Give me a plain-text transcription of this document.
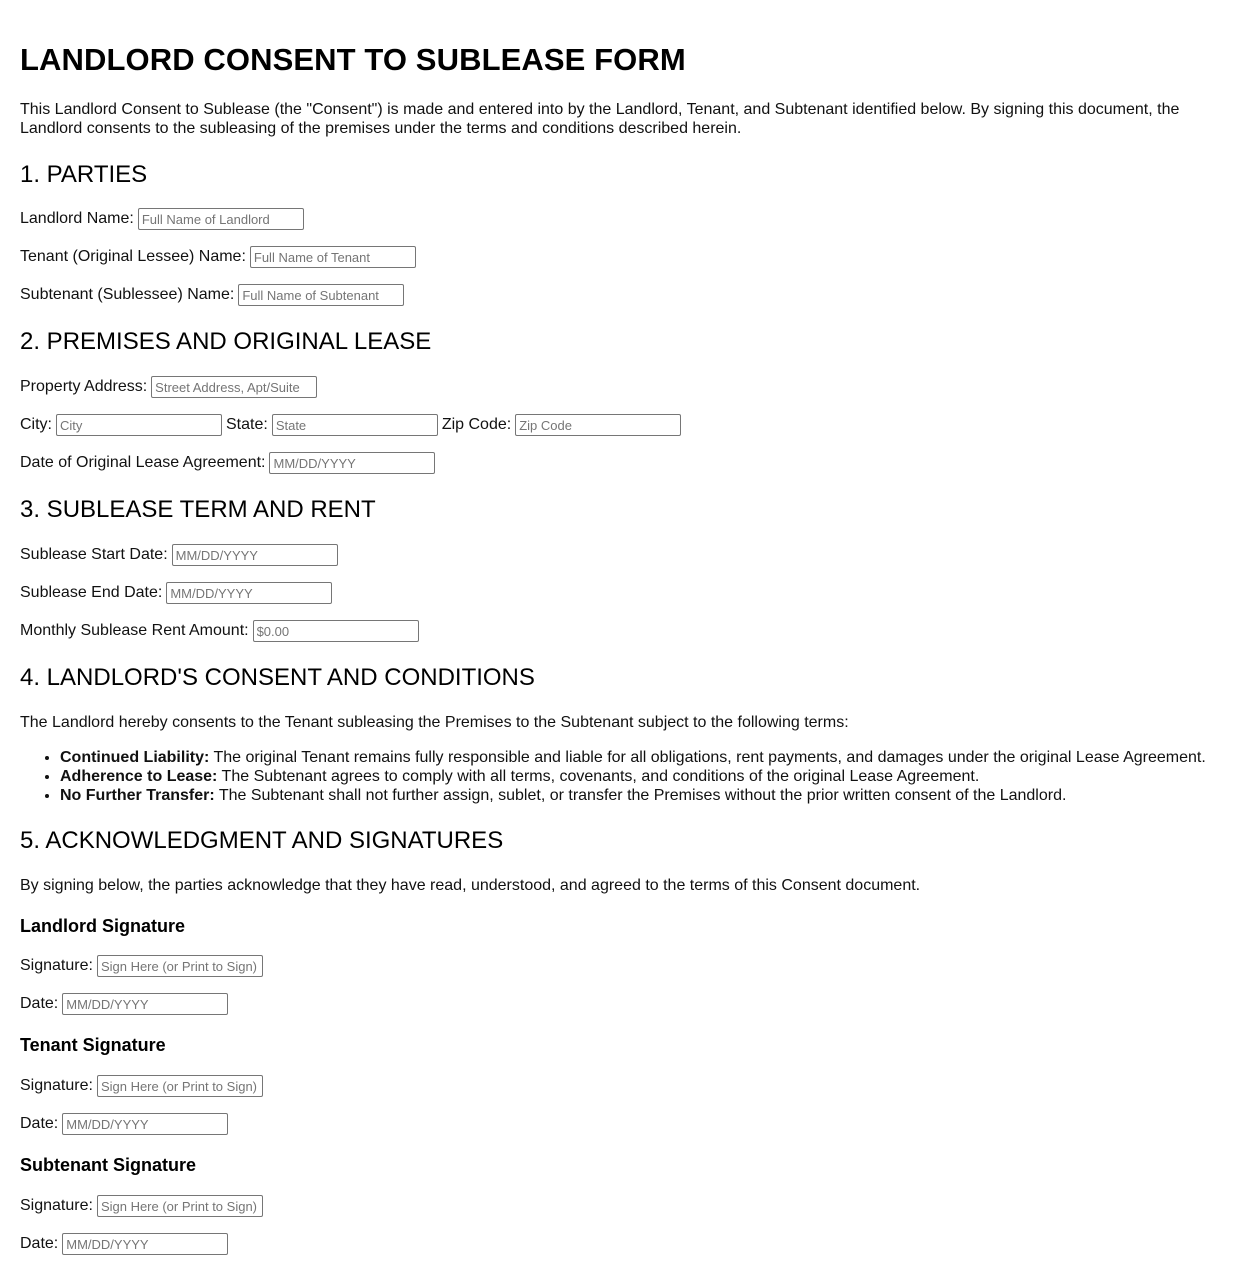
LANDLORD CONSENT TO SUBLEASE FORM

This Landlord Consent to Sublease (the "Consent") is made and entered into by the Landlord, Tenant, and Subtenant identified below. By signing this document, the Landlord consents to the subleasing of the premises under the terms and conditions described herein.

1. PARTIES
Landlord Name:
Full Name of Landlord
Tenant (Original Lessee) Name:
Full Name of Tenant
Subtenant (Sublessee) Name:
Full Name of Subtenant
2. PREMISES AND ORIGINAL LEASE
Property Address:
Street Address, Apt/Suite
City:
City	State:
State	Zip Code:
Zip Code
Date of Original Lease Agreement:
MM/DD/YYYY
3. SUBLEASE TERM AND RENT
Sublease Start Date:
MM/DD/YYYY
Sublease End Date:
MM/DD/YYYY
Monthly Sublease Rent Amount:
$0.00
4. LANDLORD'S CONSENT AND CONDITIONS

The Landlord hereby consents to the Tenant subleasing the Premises to the Subtenant subject to the following terms:

• Continued Liability: The original Tenant remains fully responsible and liable for all obligations, rent payments, and damages under the original Lease Agreement.
• Adherence to Lease: The Subtenant agrees to comply with all terms, covenants, and conditions of the original Lease Agreement.
• No Further Transfer: The Subtenant shall not further assign, sublet, or transfer the Premises without the prior written consent of the Landlord.
5. ACKNOWLEDGMENT AND SIGNATURES

By signing below, the parties acknowledge that they have read, understood, and agreed to the terms of this Consent document.

Landlord Signature
Signature:
Sign Here (or Print to Sign)
Date:
MM/DD/YYYY
Tenant Signature
Signature:
Sign Here (or Print to Sign)
Date:
MM/DD/YYYY
Subtenant Signature
Signature:
Sign Here (or Print to Sign)
Date:
MM/DD/YYYY
